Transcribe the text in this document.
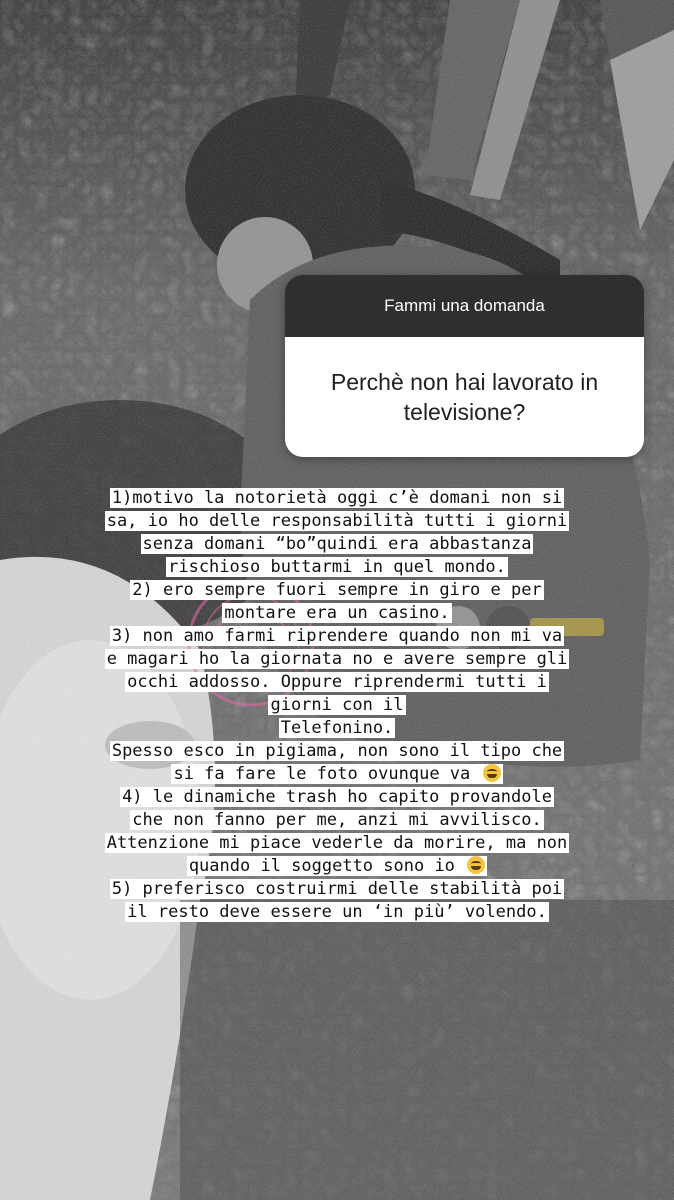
Fammi una domanda
Perchè non hai lavorato in televisione?
1)motivo la notorietà oggi c’è domani non si
sa, io ho delle responsabilità tutti i giorni
senza domani “bo”quindi era abbastanza
rischioso buttarmi in quel mondo.
2) ero sempre fuori sempre in giro e per
montare era un casino.
3) non amo farmi riprendere quando non mi va
e magari ho la giornata no e avere sempre gli
occhi addosso. Oppure riprendermi tutti i
giorni con il
Telefonino.
Spesso esco in pigiama, non sono il tipo che
si fa fare le foto ovunque va
4) le dinamiche trash ho capito provandole
che non fanno per me, anzi mi avvilisco.
Attenzione mi piace vederle da morire, ma non
quando il soggetto sono io
5) preferisco costruirmi delle stabilità poi
il resto deve essere un ‘in più’ volendo.
